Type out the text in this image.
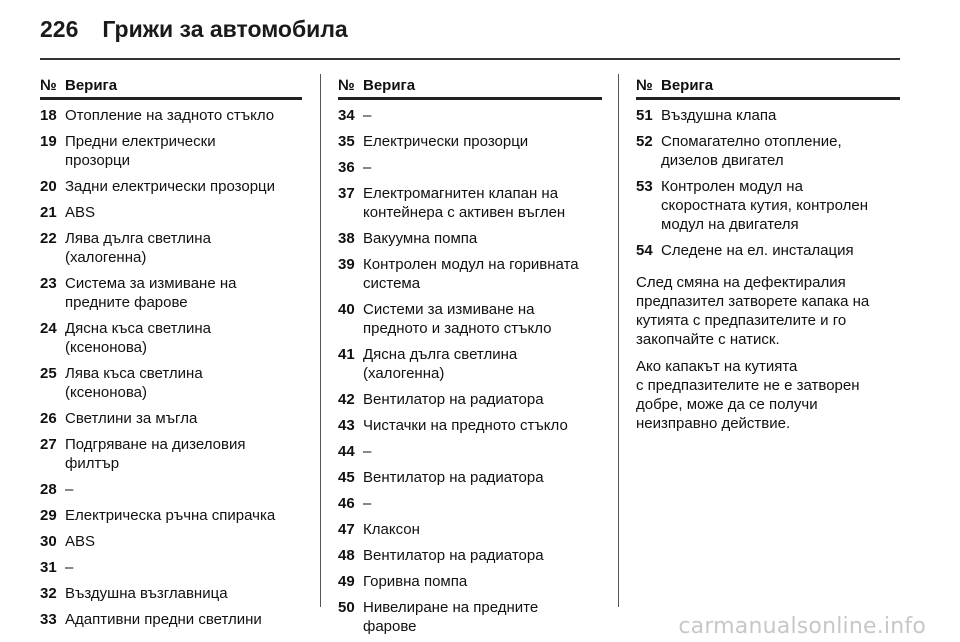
226 Грижи за автомобила
№ Верига
18 Отопление на задното стъкло
19 Предни електрически
прозорци
20 Задни електрически прозорци
21 ABS
22 Лява дълга светлина
(халогенна)
23 Система за измиване на
предните фарове
24 Дясна къса светлина
(ксенонова)
25 Лява къса светлина
(ксенонова)
26 Светлини за мъгла
27 Подгряване на дизеловия
филтър
28 –
29 Електрическа ръчна спирачка
30 ABS
31 –
32 Въздушна възглавница
33 Адаптивни предни светлини
№ Верига
34 –
35 Електрически прозорци
36 –
37 Електромагнитен клапан на
контейнера с активен въглен
38 Вакуумна помпа
39 Контролен модул на горивната
система
40 Системи за измиване на
предното и задното стъкло
41 Дясна дълга светлина
(халогенна)
42 Вентилатор на радиатора
43 Чистачки на предното стъкло
44 –
45 Вентилатор на радиатора
46 –
47 Клаксон
48 Вентилатор на радиатора
49 Горивна помпа
50 Нивелиране на предните
фарове
№ Верига
51 Въздушна клапа
52 Спомагателно отопление,
дизелов двигател
53 Контролен модул на
скоростната кутия, контролен
модул на двигателя
54 Следене на ел. инсталация
След смяна на дефектиралия
предпазител затворете капака на
кутията с предпазителите и го
закопчайте с натиск.
Ако капакът на кутията
с предпазителите не е затворен
добре, може да се получи
неизправно действие.
carmanualsonline.info
